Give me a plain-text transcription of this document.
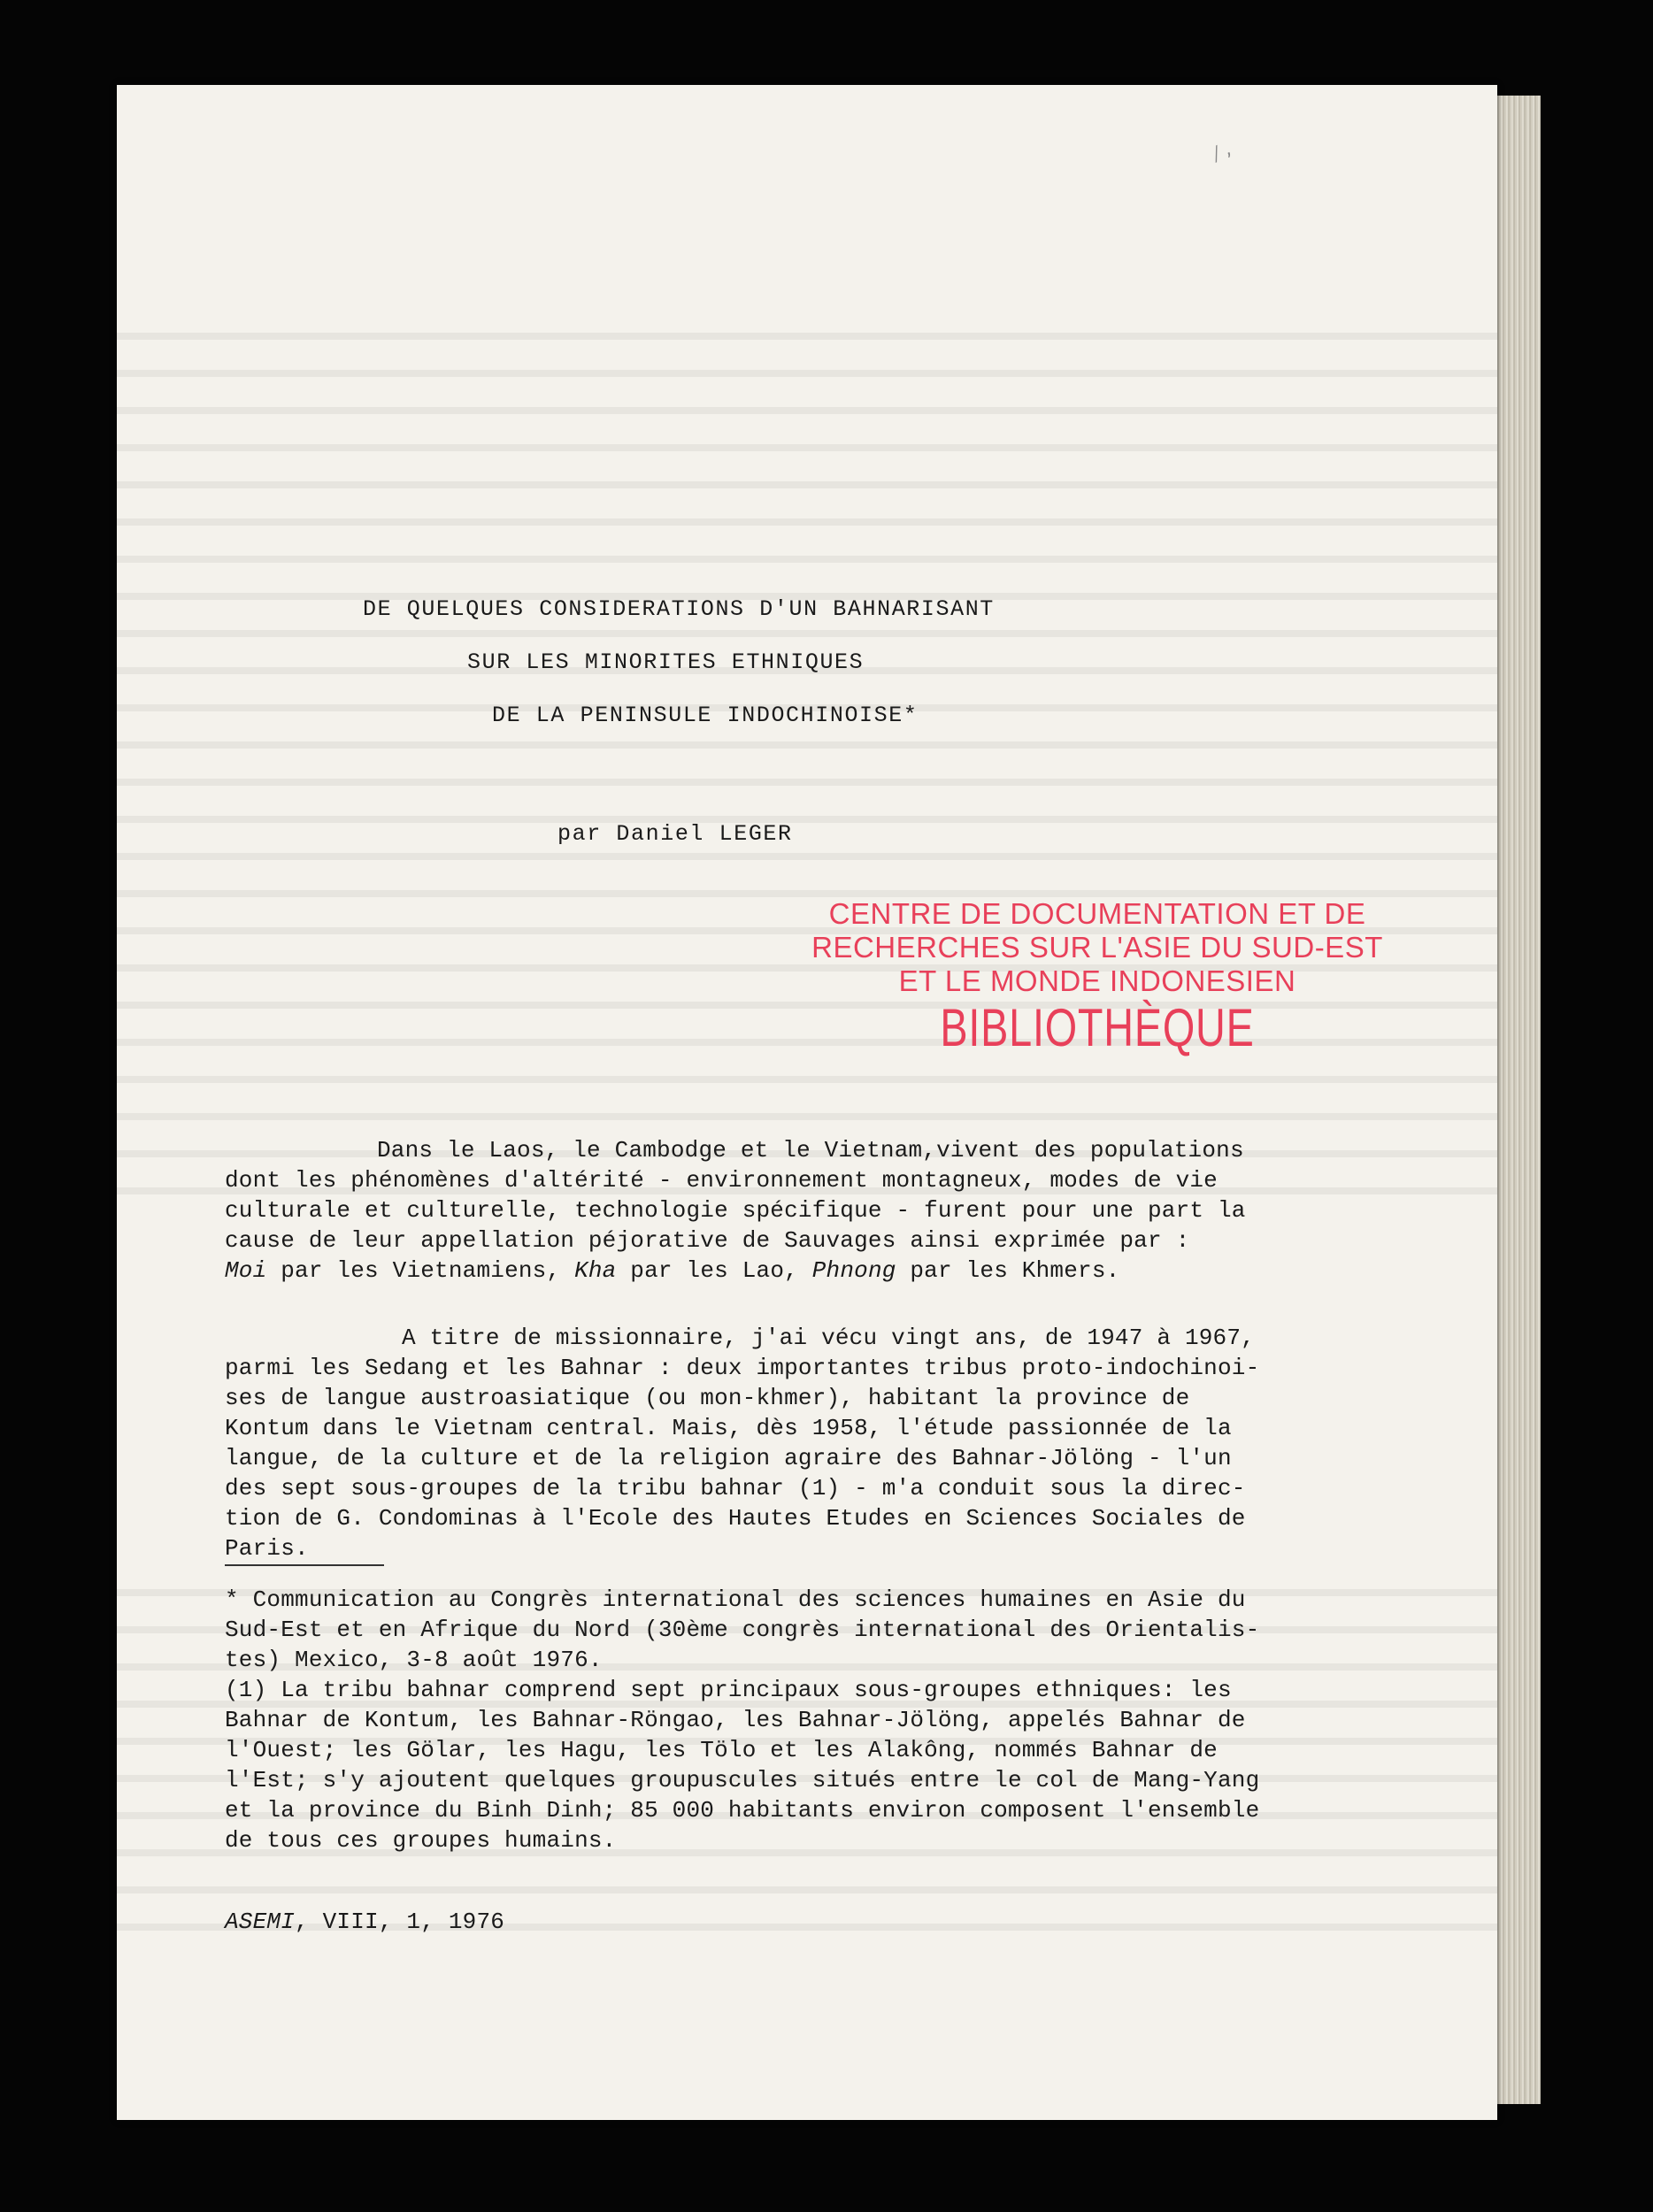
⁄ ,
DE QUELQUES CONSIDERATIONS D'UN BAHNARISANT
SUR LES MINORITES ETHNIQUES
DE LA PENINSULE INDOCHINOISE*
par Daniel LEGER
CENTRE DE DOCUMENTATION ET DE
RECHERCHES SUR L'ASIE DU SUD-EST
ET LE MONDE INDONESIEN
BIBLIOTHÈQUE
Dans le Laos, le Cambodge et le Vietnam,vivent des populations
dont les phénomènes d'altérité - environnement montagneux, modes de vie
culturale et culturelle, technologie spécifique - furent pour une part la
cause de leur appellation péjorative de Sauvages ainsi exprimée par :
Moi par les Vietnamiens, Kha par les Lao, Phnong par les Khmers.
A titre de missionnaire, j'ai vécu vingt ans, de 1947 à 1967,
parmi les Sedang et les Bahnar : deux importantes tribus proto-indochinoi-
ses de langue austroasiatique (ou mon-khmer), habitant la province de
Kontum dans le Vietnam central. Mais, dès 1958, l'étude passionnée de la
langue, de la culture et de la religion agraire des Bahnar-Jölöng - l'un
des sept sous-groupes de la tribu bahnar (1) - m'a conduit sous la direc-
tion de G. Condominas à l'Ecole des Hautes Etudes en Sciences Sociales de
Paris.
* Communication au Congrès international des sciences humaines en Asie du
Sud-Est et en Afrique du Nord (30ème congrès international des Orientalis-
tes) Mexico, 3-8 août 1976.
(1) La tribu bahnar comprend sept principaux sous-groupes ethniques: les
Bahnar de Kontum, les Bahnar-Röngao, les Bahnar-Jölöng, appelés Bahnar de
l'Ouest; les Gölar, les Hagu, les Tölo et les Alakông, nommés Bahnar de
l'Est; s'y ajoutent quelques groupuscules situés entre le col de Mang-Yang
et la province du Binh Dinh; 85 000 habitants environ composent l'ensemble
de tous ces groupes humains.
ASEMI, VIII, 1, 1976
